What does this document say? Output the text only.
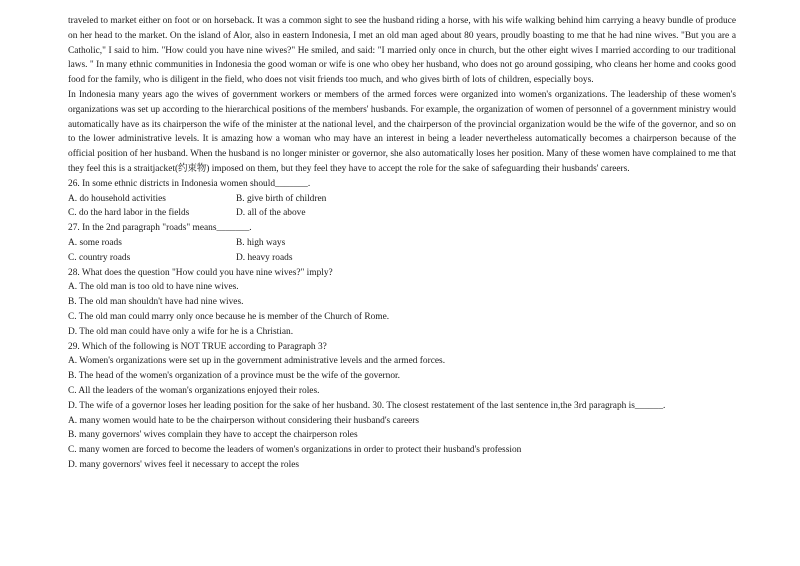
traveled to market either on foot or on horseback. It was a common sight to see the husband riding a horse, with his wife walking behind him carrying a heavy bundle of produce on her head to the market. On the island of Alor, also in eastern Indonesia, I met an old man aged about 80 years, proudly boasting to me that he had nine wives. "But you are a Catholic," I said to him. "How could you have nine wives?" He smiled, and said: "I married only once in church, but the other eight wives I married according to our traditional laws. " In many ethnic communities in Indonesia the good woman or wife is one who obey her husband, who does not go around gossiping, who cleans her home and cooks good food for the family, who is diligent in the field, who does not visit friends too much, and who gives birth of lots of children, especially boys.

In Indonesia many years ago the wives of government workers or members of the armed forces were organized into women's organizations. The leadership of these women's organizations was set up according to the hierarchical positions of the members' husbands. For example, the organization of women of personnel of a government ministry would automatically have as its chairperson the wife of the minister at the national level, and the chairperson of the provincial organization would be the wife of the governor, and so on to the lower administrative levels. It is amazing how a woman who may have an interest in being a leader nevertheless automatically becomes a chairperson because of the official position of her husband. When the husband is no longer minister or governor, she also automatically loses her position. Many of these women have complained to me that they feel this is a straitjacket(约束物) imposed on them, but they feel they have to accept the role for the sake of safeguarding their husbands' careers.

26. In some ethnic districts in Indonesia women should_______.

A. do household activities	B. give birth of children
C. do the hard labor in the fields	D. all of the above

27. In the 2nd paragraph "roads" means_______.

A. some roads	B. high ways
C. country roads	D. heavy roads

28. What does the question "How could you have nine wives?" imply?

A. The old man is too old to have nine wives.

B. The old man shouldn't have had nine wives.

C. The old man could marry only once because he is member of the Church of Rome.

D. The old man could have only a wife for he is a Christian.

29. Which of the following is NOT TRUE according to Paragraph 3?

A. Women's organizations were set up in the government administrative levels and the armed forces.

B. The head of the women's organization of a province must be the wife of the governor.

C. All the leaders of the woman's organizations enjoyed their roles.

D. The wife of a governor loses her leading position for the sake of her husband. 30. The closest restatement of the last sentence in,the 3rd paragraph is______.

A. many women would hate to be the chairperson without considering their husband's careers

B. many governors' wives complain they have to accept the chairperson roles

C. many women are forced to become the leaders of women's organizations in order to protect their husband's profession

D. many governors' wives feel it necessary to accept the roles
